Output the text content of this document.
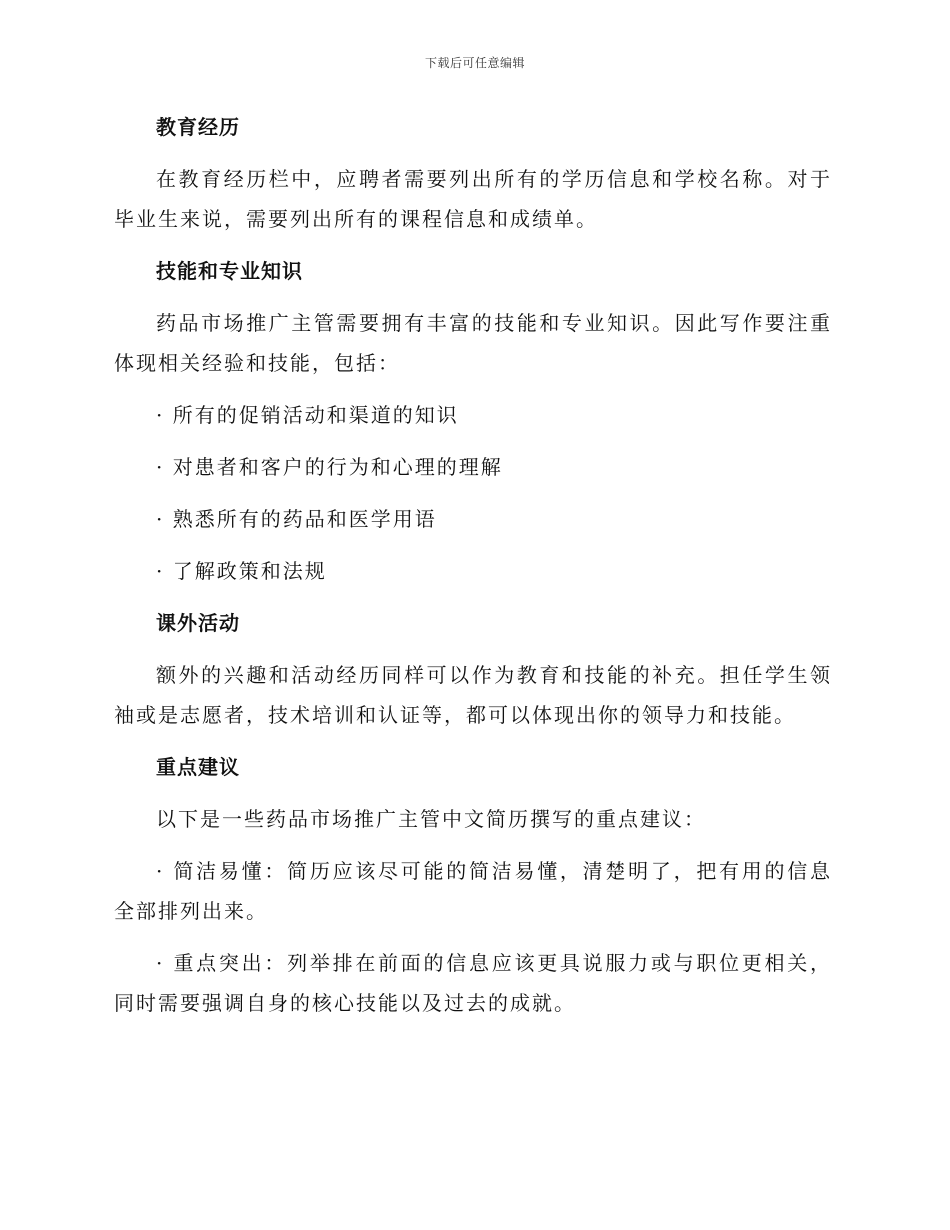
下载后可任意编辑
教育经历

在教育经历栏中，应聘者需要列出所有的学历信息和学校名称。对于毕业生来说，需要列出所有的课程信息和成绩单。

技能和专业知识

药品市场推广主管需要拥有丰富的技能和专业知识。因此写作要注重体现相关经验和技能，包括：

· 所有的促销活动和渠道的知识

· 对患者和客户的行为和心理的理解

· 熟悉所有的药品和医学用语

· 了解政策和法规

课外活动

额外的兴趣和活动经历同样可以作为教育和技能的补充。担任学生领袖或是志愿者，技术培训和认证等，都可以体现出你的领导力和技能。

重点建议

以下是一些药品市场推广主管中文简历撰写的重点建议：

· 简洁易懂：简历应该尽可能的简洁易懂，清楚明了，把有用的信息全部排列出来。

· 重点突出：列举排在前面的信息应该更具说服力或与职位更相关，同时需要强调自身的核心技能以及过去的成就。
